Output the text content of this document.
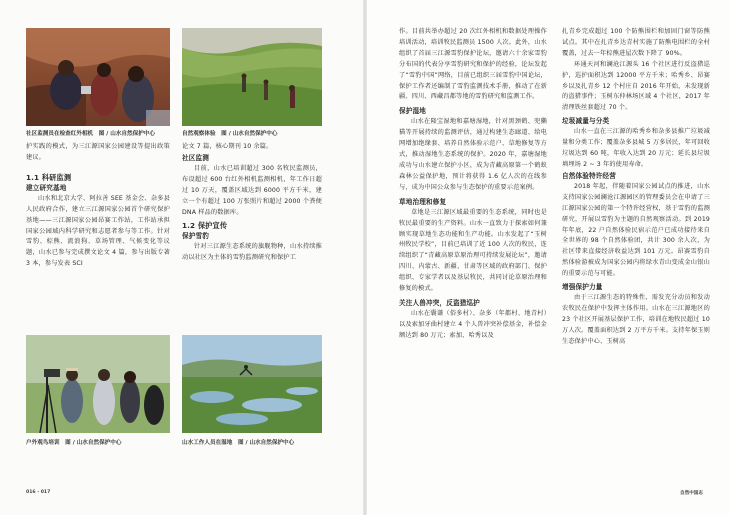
社区监测员在检查红外相机　图 / 山水自然保护中心	自然观察体验　图 / 山水自然保护中心
户外观鸟培训　图 / 山水自然保护中心	山水工作人员在湿地　图 / 山水自然保护中心

护实践的模式，为三江源国家公园建设等提出政策建议。

1.1 科研监测
建立研究基地

山水和北京大学、阿拉善 SEE 基金会、杂多县人民政府合作，建立三江源国家公园首个研究保护基地——三江源国家公园昂赛工作站，工作站承担国家公园域内科学研究和志愿者参与等工作。针对雪豹、棕熊、流浪狗、草场管理、气候变化等议题，山水已参与完成撰文论文 4 篇，参与出版专著 3 本，参与发表 SCI

论文 7 篇，核心期刊 10 余篇。

社区监测

目前，山水已培训超过 300 名牧民监测员，布设超过 600 台红外相机监测相机，年工作日超过 10 万天，覆盖区域达到 6000 平方千米，建立一个有超过 100 万张照片和超过 2000 个粪便 DNA 样品的数据库。

1.2 保护宣传
保护雪豹

针对三江源生态系统的旗舰物种，山水持续推动以社区为主体的雪豹监测研究和保护工

作。目前共举办超过 20 次红外相机和数据处理操作培训活动，培训牧民监测员 1500 人次。此外，山水组织了首届三江源雪豹保护论坛，邀请六十余家雪豹分布国的代表分享雪豹研究和保护的经验，论坛发起了“雪豹中国”网络，目前已组织三届雪豹中国论坛，保护工作者还编制了雪豹监测技术手册，推动了在新疆、四川、西藏昌都等地的雪豹研究和监测工作。

保护湿地

山水在隆宝湿地和嘉塘湿地，针对黑颈鹤、兜獭猫等开展持续的监测评估，通过构建生态廊道、给电网增加绝缘套、培养自然体验示范户、草地修复等方式，推动湿地生态系统的保护。2020 年，嘉塘湿地成功与山水建立保护小区，成为青藏高原第一个鹤蚁森林公益保护地，预计将获得 1.6 亿人次的在线参与，成为中国公众参与生态保护的重要示范案例。

草地治理和修复

草地是三江源区域最重要的生态系统，同时也是牧民最重要的生产资料。山水一直致力于探索如何兼顾实现草地生态功能和生产功能。山水发起了“玉树州牧民学校”，目前已培训了近 100 人次的牧民，连续组织了“青藏高原草原治理可持续发展论坛”，邀请四川、内蒙古、新疆、甘肃等区域的政府部门、保护组织、专家学者以及基层牧民，共同讨论草原治理和修复的模式。

关注人兽冲突，反盗猎巡护

山水在囊谦（俗多村）、杂多（年都村、地青村）以及索加牙曲村建立 4 个人兽冲突补偿基金，补偿金额达到 80 万元；索加、哈秀以及

扎青乡完成超过 100 个防熊围栏和加固门窗等防熊试点。其中在扎青乡达青村实施了防熊电围栏的全村覆盖，过去一年棕熊进屋次数下降了 90%。

环通天河和澜沧江源头 16 个社区进行反盗猎巡护，巡护面积达到 12000 平方千米；哈秀乡、昂赛乡以及扎青乡 12 个村庄自 2016 年开始，未发现新的盗猎事件；玉树东仲林场区域 4 个社区，2017 年清理铁丝套超过 70 个。

垃圾减量与分类

山水一直在三江源的哈秀乡和杂多县推广垃圾减量和分类工作；覆盖杂多县城 5 万多居民，年可回收垃圾达到 60 吨，年收入达到 20 万元；延长县垃圾填埋场 2 ~ 3 年的使用寿命。

自然体验特许经营

2018 年起，伴随着国家公园试点的推进，山水支持国家公园澜沧江源园区的管理委员会在申请了三江源国家公园的第一个特许经营权，基于雪豹的监测研究，开展以雪豹为主题的自然观察活动。到 2019 年年底，22 户自然体验民宿示范户已成功接待来自全世界的 98 个自然体验团，共计 300 余人次，为社区带来直接经济收益达到 101 万元。昂赛雪豹自然体验游被成为国家公园内将绿水青山变成金山银山的重要示范与可能。

增强保护力量

由于三江源生态的特殊性，需发充分动员和发动农牧民在保护中发挥主体作用。山水在三江源地区的 23 个社区开展基层保护工作，培训在地牧民超过 10 万人次。覆盖面积达到 2 万平方千米。支持年保玉则生态保护中心、玉树高

016 - 017	自然中国志
